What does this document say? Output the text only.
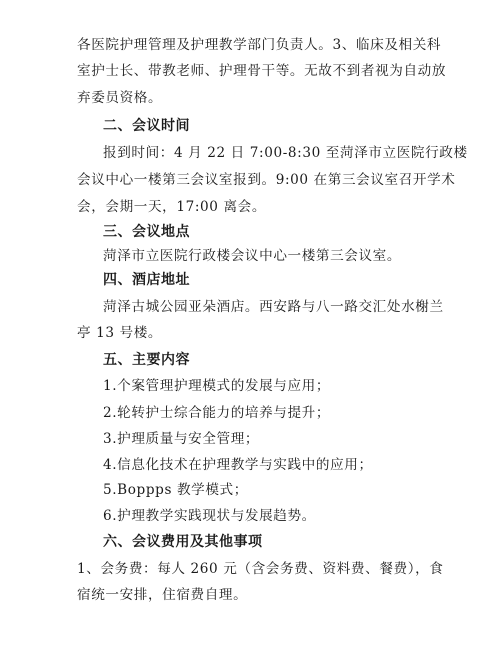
各医院护理管理及护理教学部门负责人。3、临床及相关科
室护士长、带教老师、护理骨干等。无故不到者视为自动放
弃委员资格。
二、会议时间
报到时间：4 月 22 日 7:00-8:30 至菏泽市立医院行政楼
会议中心一楼第三会议室报到。9:00 在第三会议室召开学术
会，会期一天，17:00 离会。
三、会议地点
菏泽市立医院行政楼会议中心一楼第三会议室。
四、酒店地址
菏泽古城公园亚朵酒店。西安路与八一路交汇处水榭兰
亭 13 号楼。
五、主要内容
1.个案管理护理模式的发展与应用；
2.轮转护士综合能力的培养与提升；
3.护理质量与安全管理；
4.信息化技术在护理教学与实践中的应用；
5.Boppps 教学模式；
6.护理教学实践现状与发展趋势。
六、会议费用及其他事项
1、会务费：每人 260 元（含会务费、资料费、餐费），食
宿统一安排，住宿费自理。
